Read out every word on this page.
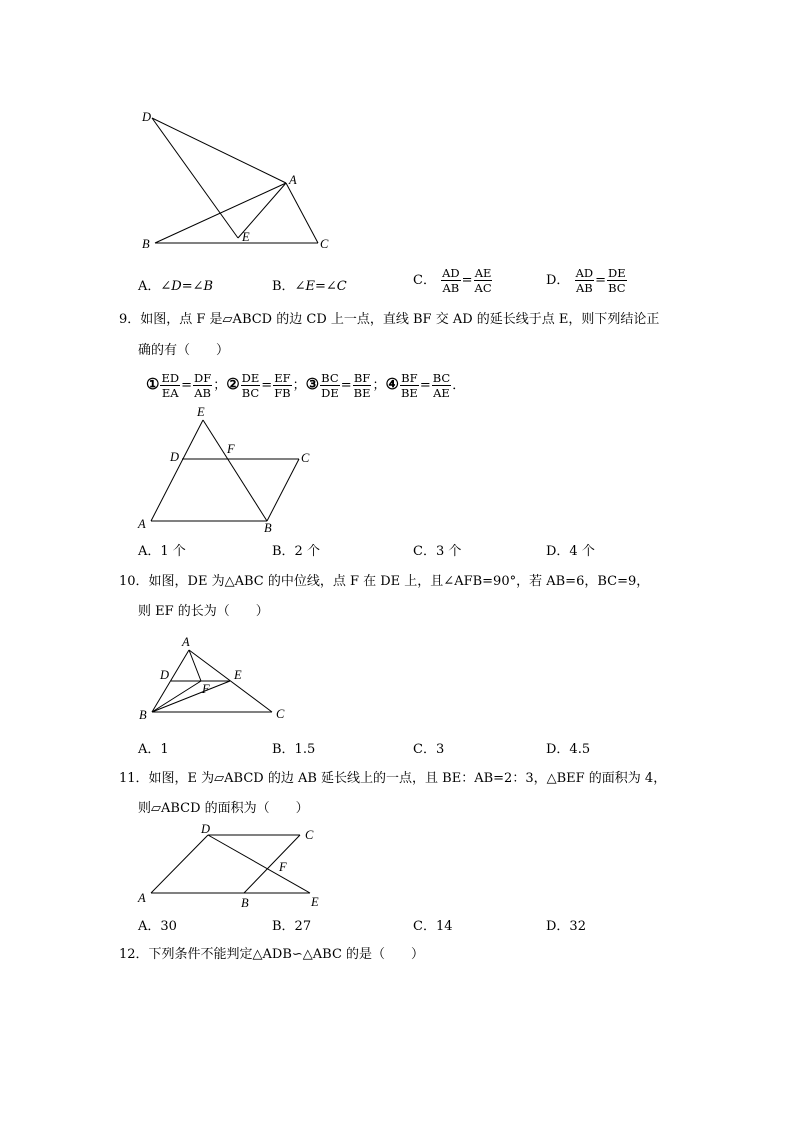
D
A
E
B	C
A．∠D=∠B	B．∠E=∠C	C． $\frac{AD}{AB} = \frac{AE}{AC}$	D． $\frac{AD}{AB} = \frac{DE}{BC}$
9．如图，点 F 是▱ABCD 的边 CD 上一点，直线 BF 交 AD 的延长线于点 E，则下列结论正
确的有（　　）
① $\frac{ED}{EA} = \frac{DF}{AB}$ ；② $\frac{DE}{BC} = \frac{EF}{FB}$ ；③ $\frac{BC}{DE} = \frac{BF}{BE}$ ；④ $\frac{BF}{BE} = \frac{BC}{AE}$ ．
E
F
D	C
A	B
A．1 个	B．2 个	C．3 个	D．4 个
10．如图，DE 为△ABC 的中位线，点 F 在 DE 上，且∠AFB=90°，若 AB=6，BC=9，
则 EF 的长为（　　）
A
D	E
F
B	C
A．1	B．1.5	C．3	D．4.5
11．如图，E 为▱ABCD 的边 AB 延长线上的一点，且 BE：AB=2：3，△BEF 的面积为 4，
则▱ABCD 的面积为（　　）
D	C
F
A	B	E
A．30	B．27	C．14	D．32
12．下列条件不能判定△ADB∽△ABC 的是（　　）
